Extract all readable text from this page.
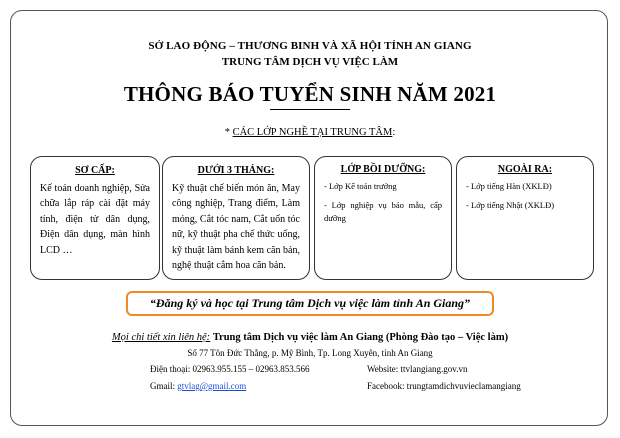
SỞ LAO ĐỘNG – THƯƠNG BINH VÀ XÃ HỘI TỈNH AN GIANG
TRUNG TÂM DỊCH VỤ VIỆC LÀM
THÔNG BÁO TUYỂN SINH NĂM 2021
* CÁC LỚP NGHỀ TẠI TRUNG TÂM:
SƠ CẤP:
Kế toán doanh nghiệp, Sửa chữa lắp ráp cài đặt máy tính, điện tử dân dụng, Điện dân dụng, màn hình LCD …
DƯỚI 3 THÁNG:
Kỹ thuật chế biến món ăn, May công nghiệp, Trang điểm, Làm móng, Cắt tóc nam, Cắt uốn tóc nữ, kỹ thuật pha chế thức uống, kỹ thuật làm bánh kem căn bản, nghệ thuật cắm hoa căn bản.
LỚP BỒI DƯỠNG:
- Lớp Kế toán trưởng
- Lớp nghiệp vụ báo mẫu, cấp dưỡng
NGOÀI RA:
- Lớp tiếng Hàn (XKLĐ)
- Lớp tiếng Nhật (XKLĐ)
“Đăng ký và học tại Trung tâm Dịch vụ việc làm tỉnh An Giang”
Mọi chi tiết xin liên hệ: Trung tâm Dịch vụ việc làm An Giang (Phòng Đào tạo – Việc làm)
Số 77 Tôn Đức Thắng, p. Mỹ Bình, Tp. Long Xuyên, tỉnh An Giang
Điện thoại: 02963.955.155 – 02963.853.566	Website: ttvlangiang.gov.vn
Gmail: gtvlag@gmail.com	Facebook: trungtamdichvuvieclamangiang
